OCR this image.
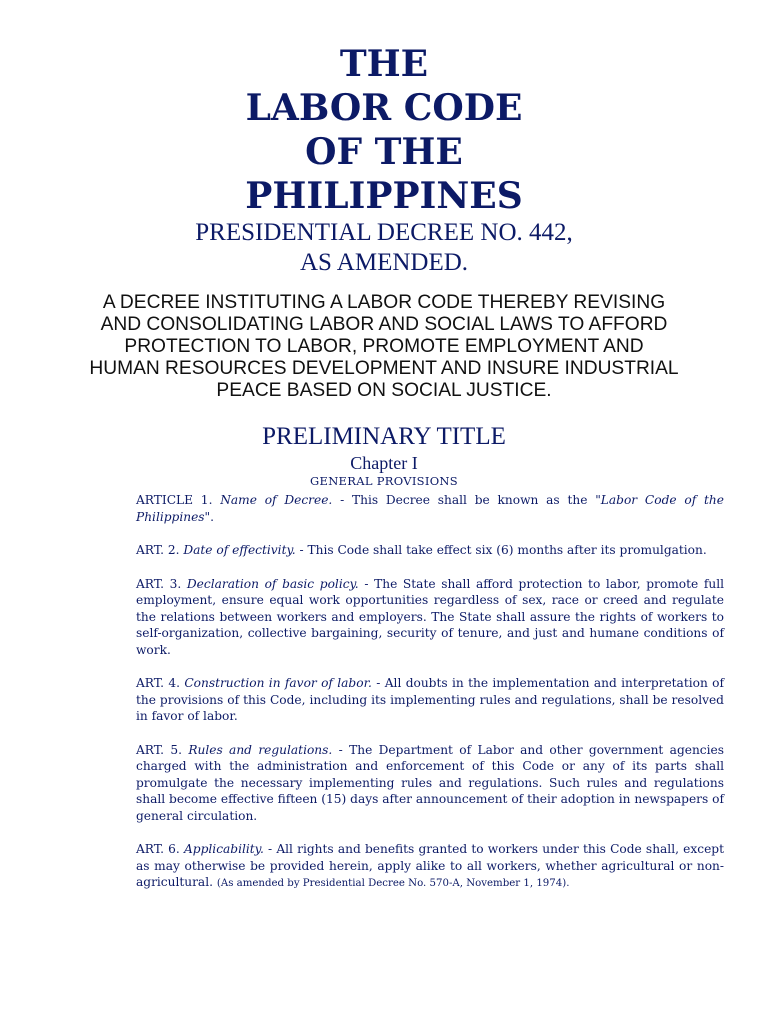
THE
LABOR CODE
OF THE
PHILIPPINES
PRESIDENTIAL DECREE NO. 442,
AS AMENDED.
A DECREE INSTITUTING A LABOR CODE THEREBY REVISING
AND CONSOLIDATING LABOR AND SOCIAL LAWS TO AFFORD
PROTECTION TO LABOR, PROMOTE EMPLOYMENT AND
HUMAN RESOURCES DEVELOPMENT AND INSURE INDUSTRIAL
PEACE BASED ON SOCIAL JUSTICE.
PRELIMINARY TITLE
Chapter I
GENERAL PROVISIONS

ARTICLE 1. Name of Decree. - This Decree shall be known as the "Labor Code of the Philippines".

ART. 2. Date of effectivity. - This Code shall take effect six (6) months after its promulgation.

ART. 3. Declaration of basic policy. - The State shall afford protection to labor, promote full employment, ensure equal work opportunities regardless of sex, race or creed and regulate the relations between workers and employers. The State shall assure the rights of workers to self-organization, collective bargaining, security of tenure, and just and humane conditions of work.

ART. 4. Construction in favor of labor. - All doubts in the implementation and interpretation of the provisions of this Code, including its implementing rules and regulations, shall be resolved in favor of labor.

ART. 5. Rules and regulations. - The Department of Labor and other government agencies charged with the administration and enforcement of this Code or any of its parts shall promulgate the necessary implementing rules and regulations. Such rules and regulations shall become effective fifteen (15) days after announcement of their adoption in newspapers of general circulation.

ART. 6. Applicability. - All rights and benefits granted to workers under this Code shall, except as may otherwise be provided herein, apply alike to all workers, whether agricultural or non-agricultural. (As amended by Presidential Decree No. 570-A, November 1, 1974).
